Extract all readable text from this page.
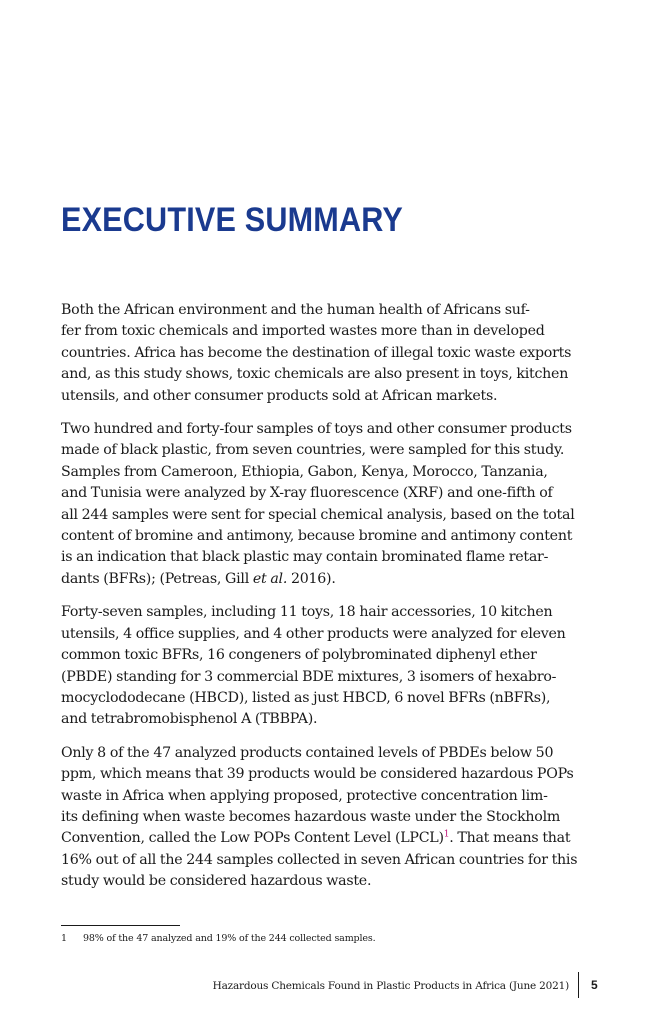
EXECUTIVE SUMMARY

Both the African environment and the human health of Africans suf-
fer from toxic chemicals and imported wastes more than in developed
countries. Africa has become the destination of illegal toxic waste exports
and, as this study shows, toxic chemicals are also present in toys, kitchen
utensils, and other consumer products sold at African markets.

Two hundred and forty-four samples of toys and other consumer products
made of black plastic, from seven countries, were sampled for this study.
Samples from Cameroon, Ethiopia, Gabon, Kenya, Morocco, Tanzania,
and Tunisia were analyzed by X-ray fluorescence (XRF) and one-fifth of
all 244 samples were sent for special chemical analysis, based on the total
content of bromine and antimony, because bromine and antimony content
is an indication that black plastic may contain brominated flame retar-
dants (BFRs); (Petreas, Gill et al. 2016).

Forty-seven samples, including 11 toys, 18 hair accessories, 10 kitchen
utensils, 4 office supplies, and 4 other products were analyzed for eleven
common toxic BFRs, 16 congeners of polybrominated diphenyl ether
(PBDE) standing for 3 commercial BDE mixtures, 3 isomers of hexabro-
mocyclododecane (HBCD), listed as just HBCD, 6 novel BFRs (nBFRs),
and tetrabromobisphenol A (TBBPA).

Only 8 of the 47 analyzed products contained levels of PBDEs below 50
ppm, which means that 39 products would be considered hazardous POPs
waste in Africa when applying proposed, protective concentration lim-
its defining when waste becomes hazardous waste under the Stockholm
Convention, called the Low POPs Content Level (LPCL)$^1$. That means that
16% out of all the 244 samples collected in seven African countries for this
study would be considered hazardous waste.

1 98% of the 47 analyzed and 19% of the 244 collected samples.
Hazardous Chemicals Found in Plastic Products in Africa (June 2021) 5
